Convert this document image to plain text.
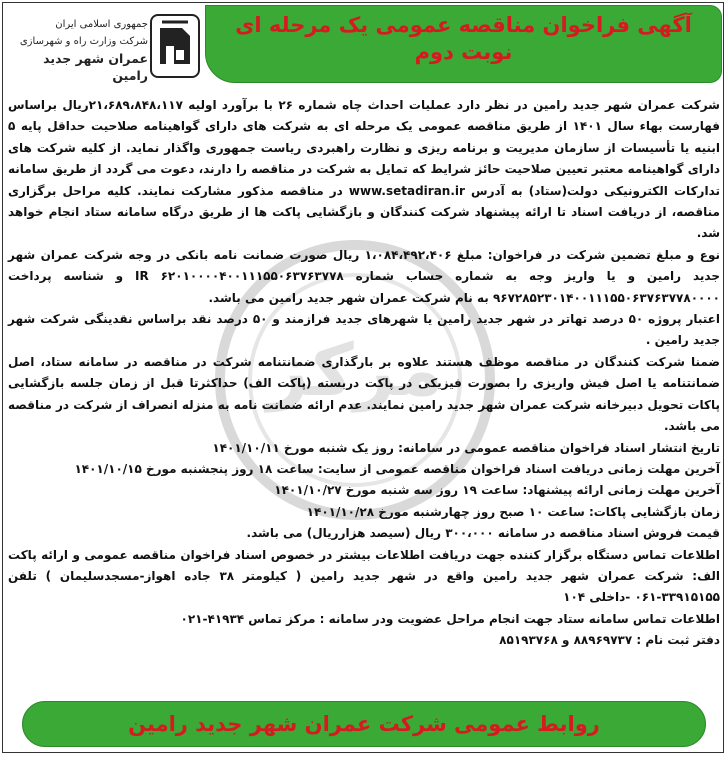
آگهی فراخوان مناقصه عمومی یک مرحله ای
نوبت دوم
جمهوری اسلامی ایران
شرکت وزارت راه و شهرسازی
عمران شهر جدید رامین
مرکز

شرکت عمران شهر جدید رامین در نظر دارد عملیات احداث چاه شماره ۲۶ با برآورد اولیه ۲۱،۶۸۹،۸۴۸،۱۱۷ریال براساس فهارست بهاء سال ۱۴۰۱ از طریق مناقصه عمومی یک مرحله ای به شرکت های دارای گواهینامه صلاحیت حداقل پایه ۵ ابنیه یا تأسیسات از سازمان مدیریت و برنامه ریزی و نظارت راهبردی ریاست جمهوری واگذار نماید. از کلیه شرکت های دارای گواهینامه معتبر تعیین صلاحیت حائز شرایط که تمایل به شرکت در مناقصه را دارند، دعوت می گردد از طریق سامانه تدارکات الکترونیکی دولت(ستاد) به آدرس www.setadiran.ir در مناقصه مذکور مشارکت نمایند. کلیه مراحل برگزاری مناقصه، از دریافت اسناد تا ارائه پیشنهاد شرکت کنندگان و بازگشایی پاکت ها از طریق درگاه سامانه ستاد انجام خواهد شد.

نوع و مبلغ تضمین شرکت در فراخوان: مبلغ ۱،۰۸۴،۴۹۲،۴۰۶ ریال صورت ضمانت نامه بانکی در وجه شرکت عمران شهر جدید رامین و یا واریز وجه به شماره حساب شماره IR ۶۲۰۱۰۰۰۰۴۰۰۱۱۱۵۵۰۶۳۷۶۳۷۷۸ و شناسه پرداخت ۹۶۷۲۸۵۲۳۰۱۴۰۰۱۱۱۵۵۰۶۳۷۶۳۷۷۸۰۰۰۰ به نام شرکت عمران شهر جدید رامین می باشد.

اعتبار پروژه ۵۰ درصد تهاتر در شهر جدید رامین یا شهرهای جدید فرازمند و ۵۰ درصد نقد براساس نقدینگی شرکت شهر جدید رامین .

ضمنا شرکت کنندگان در مناقصه موظف هستند علاوه بر بارگذاری ضمانتنامه شرکت در مناقصه در سامانه ستاد، اصل ضمانتنامه یا اصل فیش واریزی را بصورت فیزیکی در پاکت دربسته (پاکت الف) حداکثرتا قبل از زمان جلسه بازگشایی پاکات تحویل دبیرخانه شرکت عمران شهر جدید رامین نمایند. عدم ارائه ضمانت نامه به منزله انصراف از شرکت در مناقصه می باشد.

تاریخ انتشار اسناد فراخوان مناقصه عمومی در سامانه: روز یک شنبه مورخ ۱۴۰۱/۱۰/۱۱

آخرین مهلت زمانی دریافت اسناد فراخوان مناقصه عمومی از سایت: ساعت ۱۸ روز پنجشنبه مورخ ۱۴۰۱/۱۰/۱۵

آخرین مهلت زمانی ارائه پیشنهاد: ساعت ۱۹ روز سه شنبه مورخ ۱۴۰۱/۱۰/۲۷

زمان بازگشایی پاکات: ساعت ۱۰ صبح روز چهارشنبه مورخ ۱۴۰۱/۱۰/۲۸

قیمت فروش اسناد مناقصه در سامانه ۳۰۰،۰۰۰ ریال (سیصد هزارریال) می باشد.

اطلاعات تماس دستگاه برگزار کننده جهت دریافت اطلاعات بیشتر در خصوص اسناد فراخوان مناقصه عمومی و ارائه پاکت الف: شرکت عمران شهر جدید رامین واقع در شهر جدید رامین ( کیلومتر ۳۸ جاده اهواز-مسجدسلیمان ) تلفن ۳۳۹۱۵۱۵۵-۰۶۱ -داخلی ۱۰۴

اطلاعات تماس سامانه ستاد جهت انجام مراحل عضویت ودر سامانه : مرکز تماس ۴۱۹۳۴-۰۲۱

دفتر ثبت نام : ۸۸۹۶۹۷۳۷ و ۸۵۱۹۳۷۶۸

روابط عمومی شرکت عمران شهر جدید رامین
